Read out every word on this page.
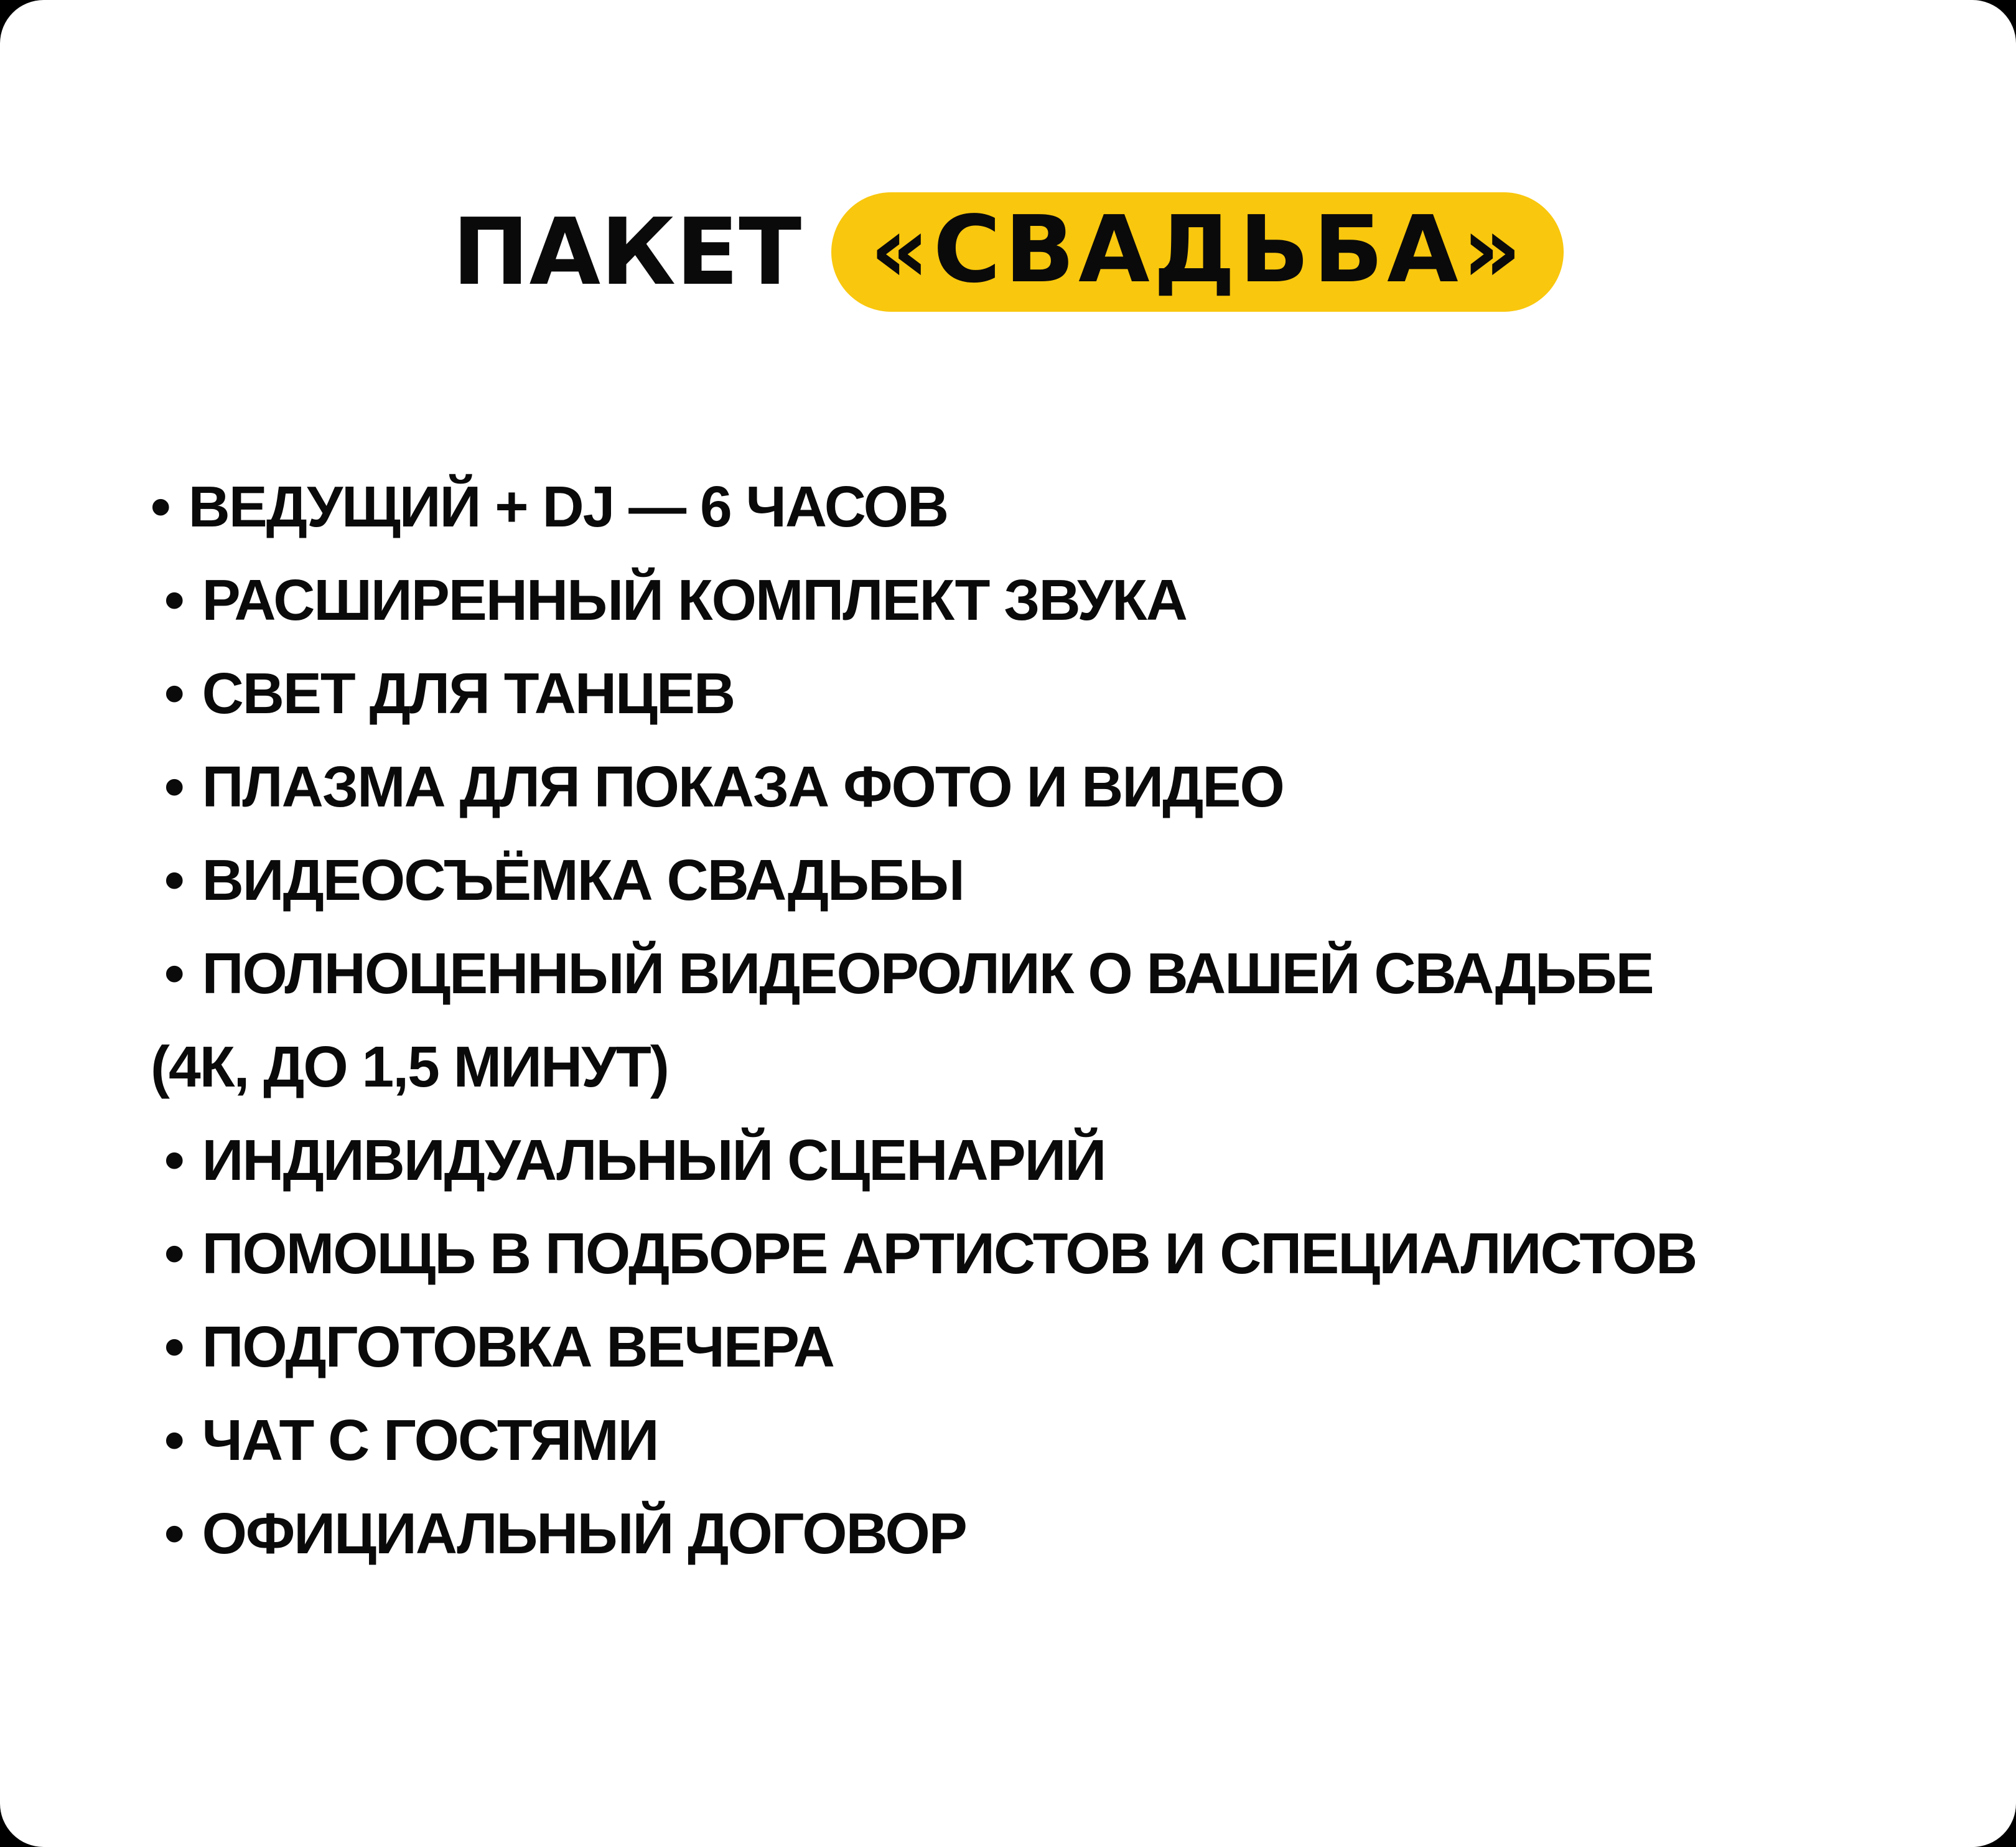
ПАКЕТ «СВАДЬБА»
• ВЕДУЩИЙ + DJ — 6 ЧАСОВ
• РАСШИРЕННЫЙ КОМПЛЕКТ ЗВУКА
• СВЕТ ДЛЯ ТАНЦЕВ
• ПЛАЗМА ДЛЯ ПОКАЗА ФОТО И ВИДЕО
• ВИДЕОСЪЁМКА СВАДЬБЫ
• ПОЛНОЦЕННЫЙ ВИДЕОРОЛИК О ВАШЕЙ СВАДЬБЕ
(4К, ДО 1,5 МИНУТ)
• ИНДИВИДУАЛЬНЫЙ СЦЕНАРИЙ
• ПОМОЩЬ В ПОДБОРЕ АРТИСТОВ И СПЕЦИАЛИСТОВ
• ПОДГОТОВКА ВЕЧЕРА
• ЧАТ С ГОСТЯМИ
• ОФИЦИАЛЬНЫЙ ДОГОВОР
